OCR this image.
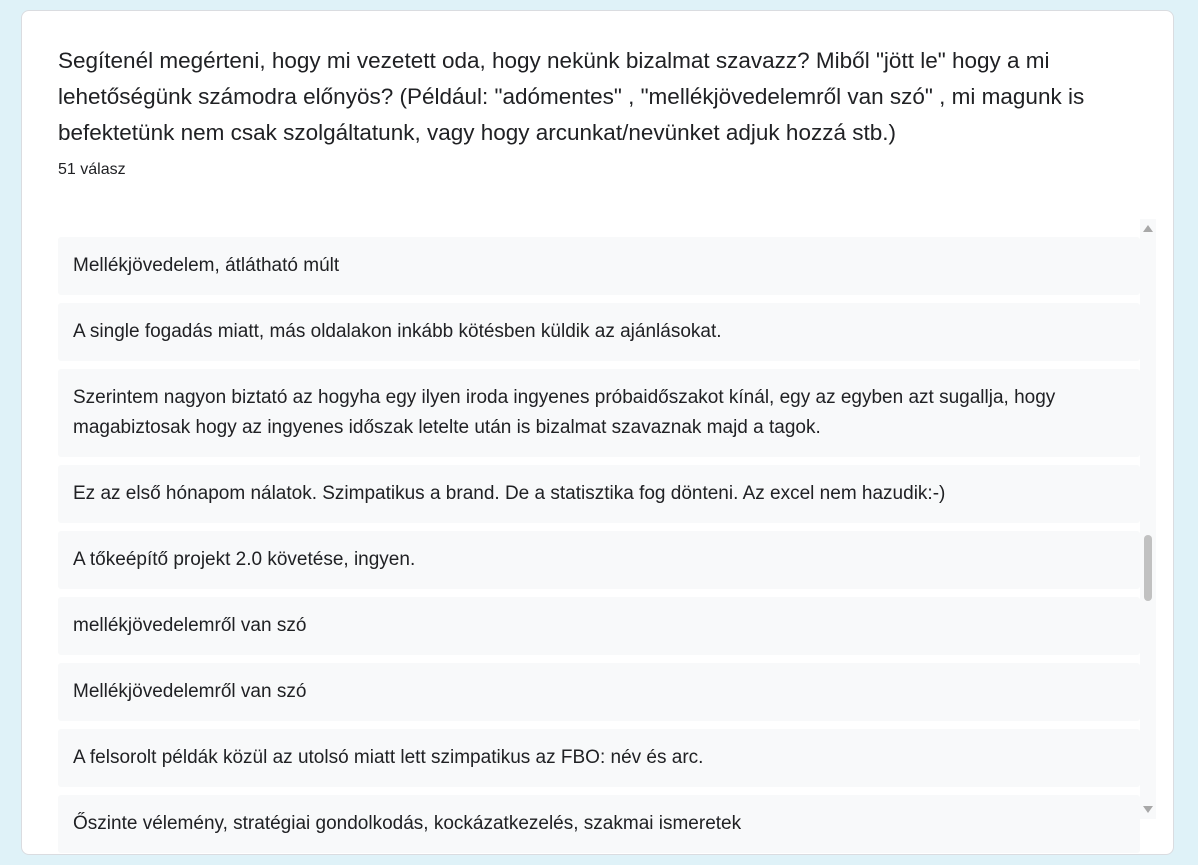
Segítenél megérteni, hogy mi vezetett oda, hogy nekünk bizalmat szavazz? Miből "jött le" hogy a mi lehetőségünk számodra előnyös? (Például: "adómentes" , "mellékjövedelemről van szó" , mi magunk is befektetünk nem csak szolgáltatunk, vagy hogy arcunkat/nevünket adjuk hozzá stb.)
51 válasz
Mellékjövedelem, átlátható múlt
A single fogadás miatt, más oldalakon inkább kötésben küldik az ajánlásokat.
Szerintem nagyon biztató az hogyha egy ilyen iroda ingyenes próbaidőszakot kínál, egy az egyben azt sugallja, hogy magabiztosak hogy az ingyenes időszak letelte után is bizalmat szavaznak majd a tagok.
Ez az első hónapom nálatok. Szimpatikus a brand. De a statisztika fog dönteni. Az excel nem hazudik:-)
A tőkeépítő projekt 2.0 követése, ingyen.
mellékjövedelemről van szó
Mellékjövedelemről van szó
A felsorolt példák közül az utolsó miatt lett szimpatikus az FBO: név és arc.
Őszinte vélemény, stratégiai gondolkodás, kockázatkezelés, szakmai ismeretek
